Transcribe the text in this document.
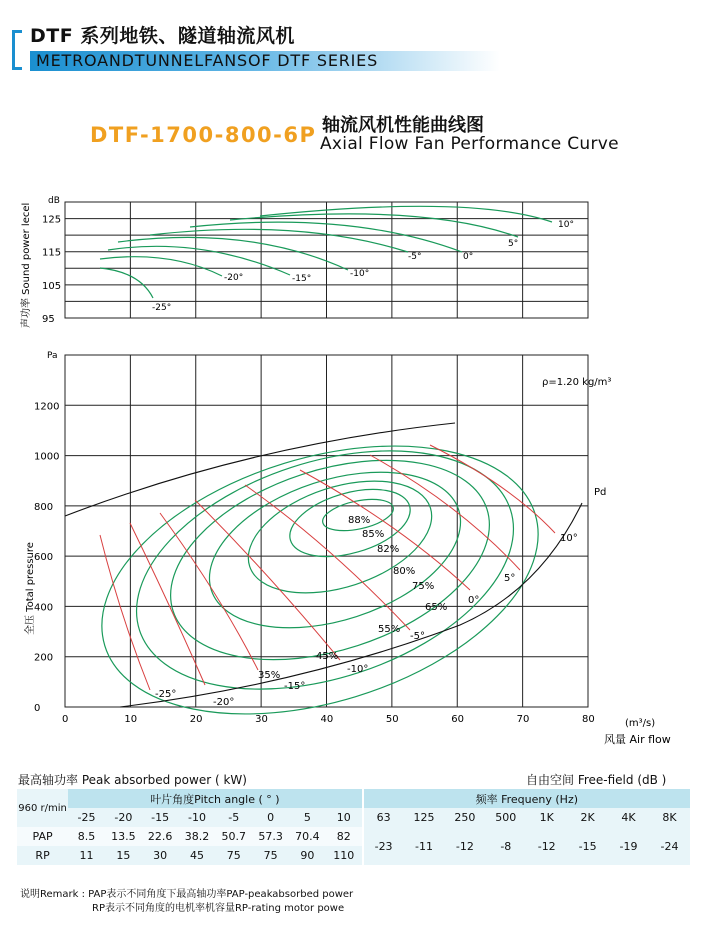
DTF 系列地铁、隧道轴流风机
METROANDTUNNELFANSOF DTF SERIES
DTF-1700-800-6P 轴流风机性能曲线图
Axial Flow Fan Performance Curve
dB
声功率 Sound power lecel 125
115
105
95
-25°
-20°	-15°	-10°
-5°	0°
5°
10°
Pa
全压 Total pressure
0
200
400
600
800
1000
1200
0	10	20	30	40	50	60	70	80	(m³/s)
风量 Air flow
ρ=1.20 kg/m³
-25°
-20°
-15°
-10°
-5°
0°
5°
10°
35%
45%
55%
65%
75%
80%
82%
85%
88%
Pd
最高轴功率 Peak absorbed power ( kW)	自由空间 Free-field (dB )
960 r/min	叶片角度Pitch angle ( ° )								频率 Frequeny (Hz)							
	-25	-20	-15	-10	-5	0	5	10	63	125	250	500	1K	2K	4K	8K
PAP	8.5	13.5	22.6	38.2	50.7	57.3	70.4	82	-23	-11	-12	-8	-12	-15	-19	-24
RP	11	15	30	45	75	75	90	110								
说明Remark : PAP表示不同角度下最高轴功率PAP-peakabsorbed power
RP表示不同角度的电机率机容量RP-rating motor powe
